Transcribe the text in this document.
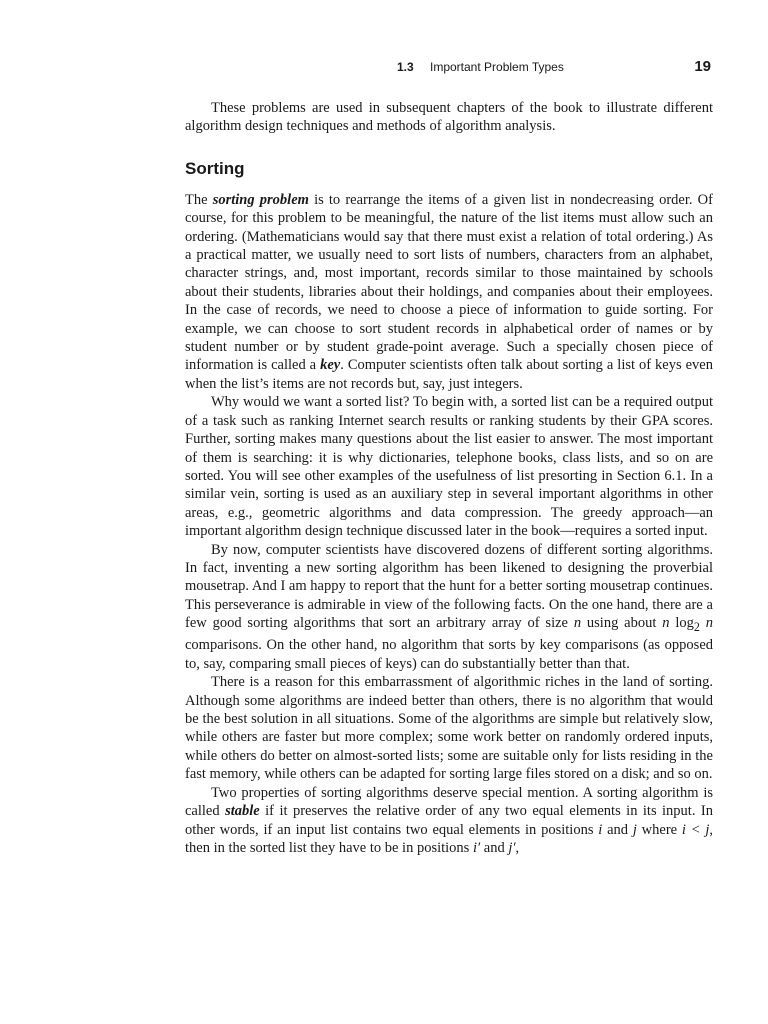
1.3 Important Problem Types	19

These problems are used in subsequent chapters of the book to illustrate different algorithm design techniques and methods of algorithm analysis.

Sorting

The sorting problem is to rearrange the items of a given list in nondecreasing order. Of course, for this problem to be meaningful, the nature of the list items must allow such an ordering. (Mathematicians would say that there must exist a relation of total ordering.) As a practical matter, we usually need to sort lists of numbers, characters from an alphabet, character strings, and, most important, records similar to those maintained by schools about their students, libraries about their holdings, and companies about their employees. In the case of records, we need to choose a piece of information to guide sorting. For example, we can choose to sort student records in alphabetical order of names or by student number or by student grade-point average. Such a specially chosen piece of information is called a key. Computer scientists often talk about sorting a list of keys even when the list’s items are not records but, say, just integers.

Why would we want a sorted list? To begin with, a sorted list can be a required output of a task such as ranking Internet search results or ranking students by their GPA scores. Further, sorting makes many questions about the list easier to answer. The most important of them is searching: it is why dictionaries, telephone books, class lists, and so on are sorted. You will see other examples of the usefulness of list presorting in Section 6.1. In a similar vein, sorting is used as an auxiliary step in several important algorithms in other areas, e.g., geometric algorithms and data compression. The greedy approach—an important algorithm design technique discussed later in the book—requires a sorted input.

By now, computer scientists have discovered dozens of different sorting algorithms. In fact, inventing a new sorting algorithm has been likened to designing the proverbial mousetrap. And I am happy to report that the hunt for a better sorting mousetrap continues. This perseverance is admirable in view of the following facts. On the one hand, there are a few good sorting algorithms that sort an arbitrary array of size n using about n $\log_2 n$ comparisons. On the other hand, no algorithm that sorts by key comparisons (as opposed to, say, comparing small pieces of keys) can do substantially better than that.

There is a reason for this embarrassment of algorithmic riches in the land of sorting. Although some algorithms are indeed better than others, there is no algorithm that would be the best solution in all situations. Some of the algorithms are simple but relatively slow, while others are faster but more complex; some work better on randomly ordered inputs, while others do better on almost-sorted lists; some are suitable only for lists residing in the fast memory, while others can be adapted for sorting large files stored on a disk; and so on.

Two properties of sorting algorithms deserve special mention. A sorting algorithm is called stable if it preserves the relative order of any two equal elements in its input. In other words, if an input list contains two equal elements in positions i and j where i < j, then in the sorted list they have to be in positions i′ and j′,
